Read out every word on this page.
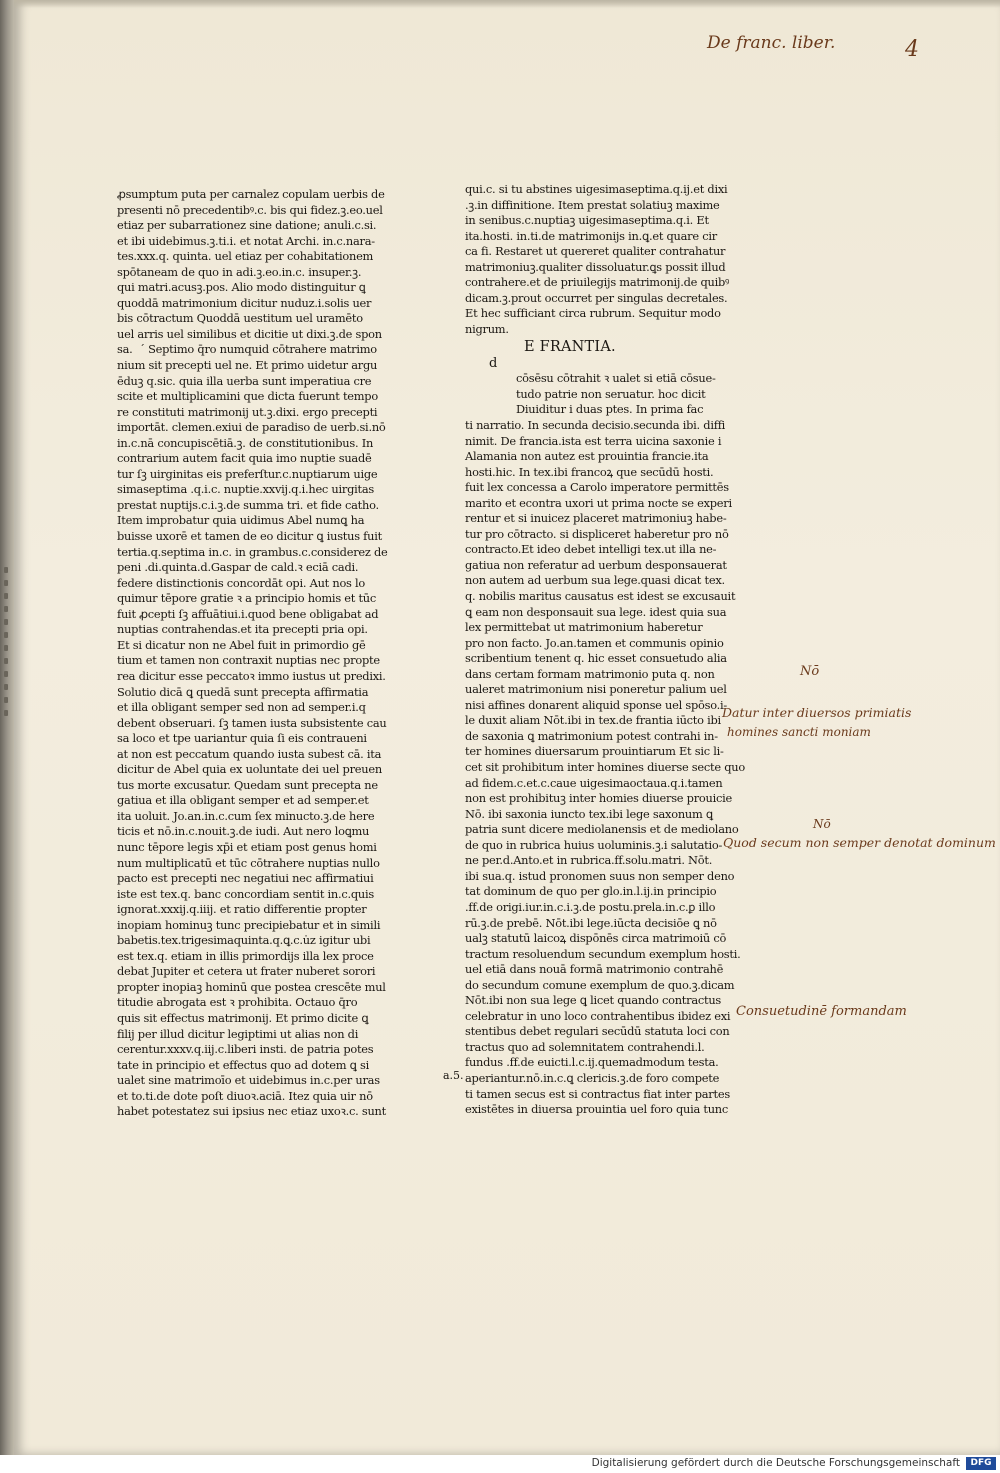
De franc. liber.	4
ꝓsumptum puta per carnalez copulam uerbis de
presenti nō precedentibꝰ.c. bis qui fidez.ꝫ.eo.uel
etiaz per subarrationez sine datione; anuli.c.si.
et ibi uidebimus.ꝫ.ti.i. et notat Archi. in.c.nara-
tes.xxx.q. quinta. uel etiaz per cohabitationem
spōtaneam de quo in adi.ꝫ.eo.in.c. insuper.ꝫ.
qui matri.acusꝫ.pos. Alio modo distinguitur ꝗ
quoddā matrimonium dicitur nuduz.i.solis uer
bis cōtractum Quoddā uestitum uel uramēto
uel arris uel similibus et dicitie ut dixi.ꝫ.de spon
sa.  ˊ Septimo q̄ro numquid cōtrahere matrimo
nium sit precepti uel ne. Et primo uidetur argu
ēduꝫ q.sic. quia illa uerba sunt imperatiua cre
scite et multiplicamini que dicta fuerunt tempo
re constituti matrimonij ut.ꝫ.dixi. ergo precepti
importāt. clemen.exiui de paradiso de uerb.si.nō
in.c.nā concupiscētiā.ꝫ. de constitutionibus. In
contrarium autem facit quia imo nuptie suadē
tur ſꝫ uirginitas eis preferſtur.c.nuptiarum uige
simaseptima .q.i.c. nuptie.xxvij.q.i.hec uirgitas
prestat nuptijs.c.i.ꝫ.de summa tri. et fide catho.
Item improbatur quia uidimus Abel numꝗ ha
buisse uxorē et tamen de eo dicitur ꝗ iustus fuit
tertia.q.septima in.c. in grambus.c.considerez de
peni .di.quinta.d.Gaspar de cald.ꝛ eciā cadi.
federe distinctionis concordāt opi. Aut nos lo
quimur tēpore gratie ꝛ a principio homis et tūc
fuit ꝓcepti ſꝫ affuātiui.i.quod bene obligabat ad
nuptias contrahendas.et ita precepti pria opi.
Et si dicatur non ne Abel fuit in primordio gē
tium et tamen non contraxit nuptias nec propte
rea dicitur esse peccatoꝛ immo iustus ut predixi.
Solutio dicā ꝗ quedā sunt precepta affirmatia
et illa obligant semper sed non ad semper.i.q
debent obseruari. ſꝫ tamen iusta subsistente cau
sa loco et tpe uariantur quia ſi eis contraueni
at non est peccatum quando iusta subest cā. ita
dicitur de Abel quia ex uoluntate dei uel preuen
tus morte excusatur. Quedam sunt precepta ne
gatiua et illa obligant semper et ad semper.et
ita uoluit. Jo.an.in.c.cum ſex minucto.ꝫ.de here
ticis et nō.in.c.nouit.ꝫ.de iudi. Aut nero loꝗmu
nunc tēpore legis xp̄i et etiam post genus homi
num multiplicatū et tūc cōtrahere nuptias nullo
pacto est precepti nec negatiui nec affirmatiui
iste est tex.q. banc concordiam sentit in.c.quis
ignorat.xxxij.q.iiij. et ratio differentie propter
inopiam hominuꝫ tunc precipiebatur et in simili
babetis.tex.trigesimaquinta.q.ꝗ.c.u̇z igitur ubi
est tex.q. etiam in illis primordijs illa lex proce
debat Jupiter et cetera ut frater nuberet sorori
propter inopiaꝫ hominū que postea crescēte mul
titudie abrogata est ꝛ prohibita. Octauo q̄ro
quis sit effectus matrimonij. Et primo dicite ꝗ
filij per illud dicitur legiptimi ut alias non di
cerentur.xxxv.q.iij.c.liberi insti. de patria potes
tate in principio et effectus quo ad dotem ꝗ si
ualet sine matrimoīo et uidebimus in.c.per uras
et to.ti.de dote poſt diuoꝛ.aciā. Itez quia uir nō
habet potestatez sui ipsius nec etiaz uxoꝛ.c. sunt
qui.c. si tu abstines uigesimaseptima.q.ij.et dixi
.ꝫ.in diffinitione. Item prestat solatiuꝫ maxime
in senibus.c.nuptiaꝫ uigesimaseptima.q.i. Et
ita.hosti. in.ti.de matrimonijs in.ꝗ.et quare cir
ca fi. Restaret ut quereret qualiter contrahatur
matrimoniuꝫ.qualiter dissoluatur.ꝗs possit illud
contrahere.et de priuilegijs matrimonij.de quibꝰ
dicam.ꝫ.prout occurret per singulas decretales.
Et hec sufficiant circa rubrum. Sequitur modo
nigrum.
E FRANTIA.
d
cōsēsu cōtrahit ꝛ ualet si etiā cōsue-
tudo patrie non seruatur. hoc dicit
Diuiditur i duas ptes. In prima fac
ti narratio. In secunda decisio.secunda ibi. diffi
nimit. De francia.ista est terra uicina saxonie i
Alamania non autez est prouintia francie.ita
hosti.hic. In tex.ibi francoꝝ que secūdū hosti.
fuit lex concessa a Carolo imperatore permittēs
marito et econtra uxori ut prima nocte se experi
rentur et si inuicez placeret matrimoniuꝫ habe-
tur pro cōtracto. si displiceret haberetur pro nō
contracto.Et ideo debet intelligi tex.ut illa ne-
gatiua non referatur ad uerbum desponsauerat
non autem ad uerbum sua lege.quasi dicat tex.
q. nobilis maritus causatus est idest se excusauit
ꝗ eam non desponsauit sua lege. idest quia sua
lex permittebat ut matrimonium haberetur
pro non facto. Jo.an.tamen et communis opinio
scribentium tenent q. hic esset consuetudo alia
dans certam formam matrimonio puta q. non
ualeret matrimonium nisi poneretur palium uel
nisi affines donarent aliquid sponse uel spōso.i-
le duxit aliam Nōt.ibi in tex.de frantia iūcto ibi
de saxonia ꝗ matrimonium potest contrahi in-
ter homines diuersarum prouintiarum Et sic li-
cet sit prohibitum inter homines diuerse secte quo
ad fidem.c.et.c.caue uigesimaoctaua.q.i.tamen
non est prohibituꝫ inter homies diuerse prouicie
Nō. ibi saxonia iuncto tex.ibi lege saxonum ꝗ
patria sunt dicere mediolanensis et de mediolano
de quo in rubrica huius uoluminis.ꝫ.i salutatio-
ne per.d.Anto.et in rubrica.ff.solu.matri. Nōt.
ibi sua.q. istud pronomen suus non semper deno
tat dominum de quo per glo.in.l.ij.in principio
.ff.de origi.iur.in.c.i.ꝫ.de postu.prela.in.c.ꝑ illo
rū.ꝫ.de prebē. Nōt.ibi lege.iūcta decisiōe ꝗ nō
ualꝫ statutū laicoꝝ dispōnēs circa matrimoiū cō
tractum resoluendum secundum exemplum hosti.
uel etiā dans nouā formā matrimonio contrahē
do secundum comune exemplum de quo.ꝫ.dicam
Nōt.ibi non sua lege ꝗ licet quando contractus
celebratur in uno loco contrahentibus ibidez exi
stentibus debet regulari secūdū statuta loci con
tractus quo ad solemnitatem contrahendi.l.
fundus .ff.de euicti.l.c.ij.quemadmodum testa.
aperiantur.nō.in.c.ꝗ clericis.ꝫ.de foro compete
ti tamen secus est si contractus fiat inter partes
existētes in diuersa prouintia uel foro quia tunc
a.5.
Nō
Datur inter diuersos primiatis
homines sancti moniam
Nō
Quod secum non semper denotat dominum
Consuetudinē formandam
Digitalisierung gefördert durch die Deutsche Forschungsgemeinschaft	DFG
